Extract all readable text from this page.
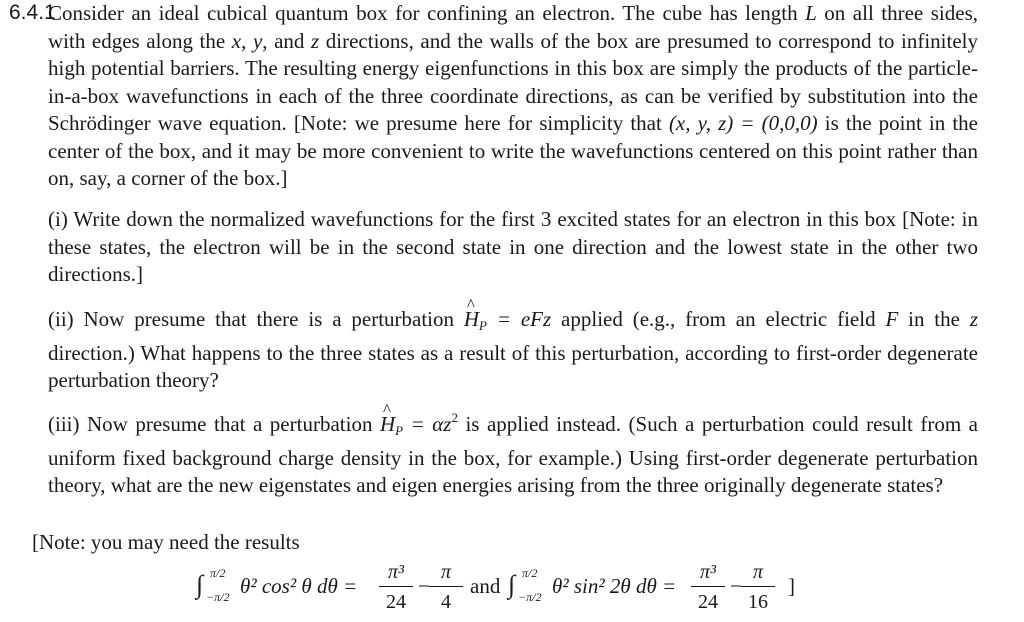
6.4.1
Consider an ideal cubical quantum box for confining an electron. The cube has length L on all three sides, with edges along the x, y, and z directions, and the walls of the box are presumed to correspond to infinitely high potential barriers. The resulting energy eigenfunctions in this box are simply the products of the particle-in-a-box wavefunctions in each of the three coordinate directions, as can be verified by substitution into the Schrödinger wave equation. [Note: we presume here for simplicity that (x, y, z) = (0,0,0) is the point in the center of the box, and it may be more convenient to write the wavefunctions centered on this point rather than on, say, a corner of the box.]
(i) Write down the normalized wavefunctions for the first 3 excited states for an electron in this box [Note: in these states, the electron will be in the second state in one direction and the lowest state in the other two directions.]
(ii) Now presume that there is a perturbation ^ $H_P$ = eFz applied (e.g., from an electric field F in the z direction.) What happens to the three states as a result of this perturbation, according to first-order degenerate perturbation theory?
(iii) Now presume that a perturbation ^ $H_P = \alpha z^2$ is applied instead. (Such a perturbation could result from a uniform fixed background charge density in the box, for example.) Using first-order degenerate perturbation theory, what are the new eigenstates and eigen energies arising from the three originally degenerate states?
[Note: you may need the results
∫ π/2
−π/2 θ² cos² θ dθ =
π³
24
−
π
4
and ∫ π/2
−π/2 θ² sin² 2θ dθ =
π³
24
−
π
16
]
